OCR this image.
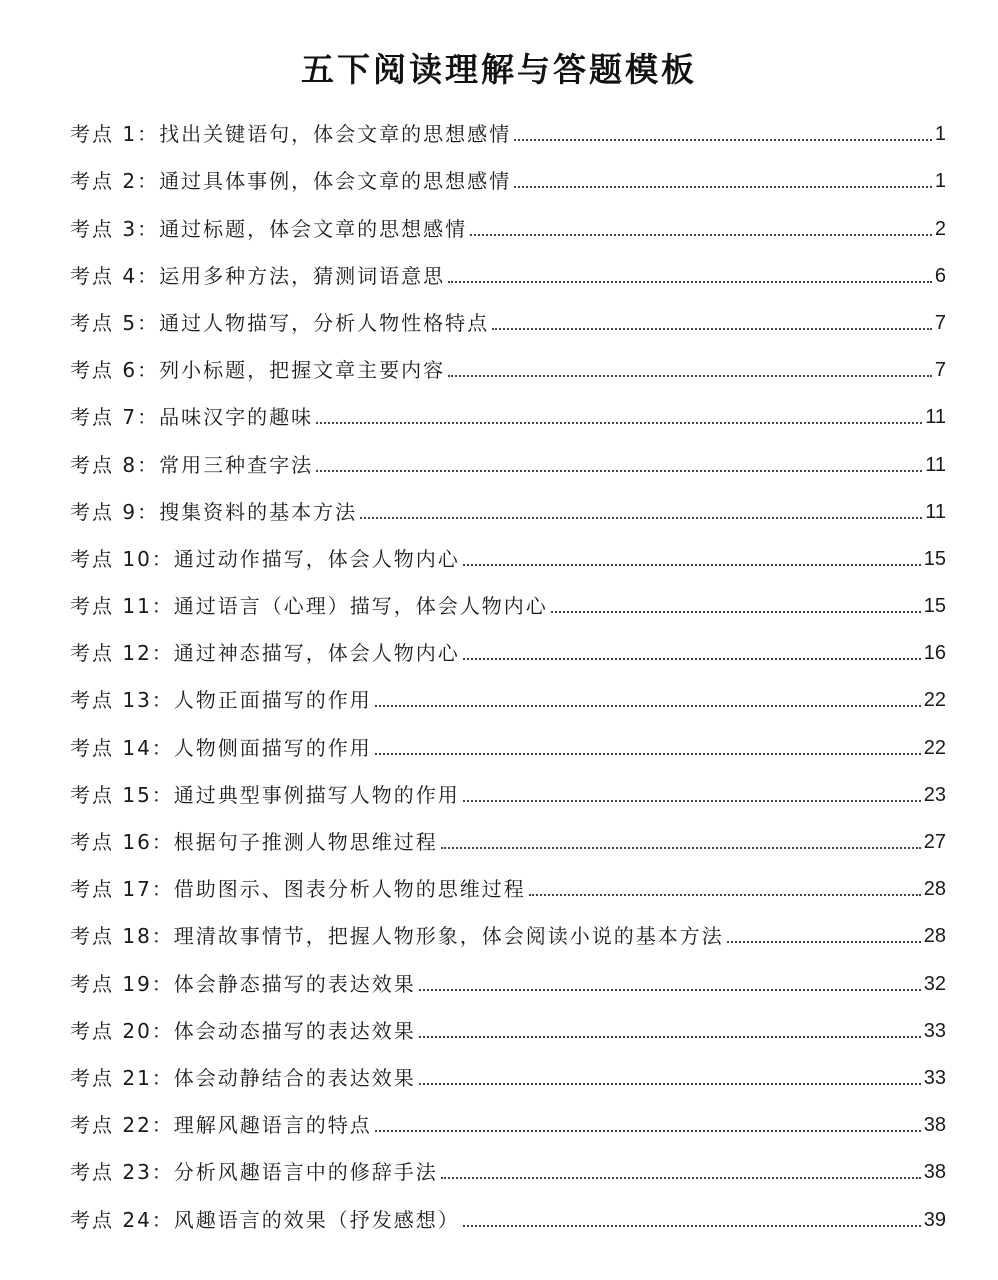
五下阅读理解与答题模板
考点 1：找出关键语句，体会文章的思想感情	1
考点 2：通过具体事例，体会文章的思想感情	1
考点 3：通过标题，体会文章的思想感情	2
考点 4：运用多种方法，猜测词语意思	6
考点 5：通过人物描写，分析人物性格特点	7
考点 6：列小标题，把握文章主要内容	7
考点 7：品味汉字的趣味	11
考点 8：常用三种查字法	11
考点 9：搜集资料的基本方法	11
考点 10：通过动作描写，体会人物内心	15
考点 11：通过语言（心理）描写，体会人物内心	15
考点 12：通过神态描写，体会人物内心	16
考点 13：人物正面描写的作用	22
考点 14：人物侧面描写的作用	22
考点 15：通过典型事例描写人物的作用	23
考点 16：根据句子推测人物思维过程	27
考点 17：借助图示、图表分析人物的思维过程	28
考点 18：理清故事情节，把握人物形象，体会阅读小说的基本方法	28
考点 19：体会静态描写的表达效果	32
考点 20：体会动态描写的表达效果	33
考点 21：体会动静结合的表达效果	33
考点 22：理解风趣语言的特点	38
考点 23：分析风趣语言中的修辞手法	38
考点 24：风趣语言的效果（抒发感想）	39
